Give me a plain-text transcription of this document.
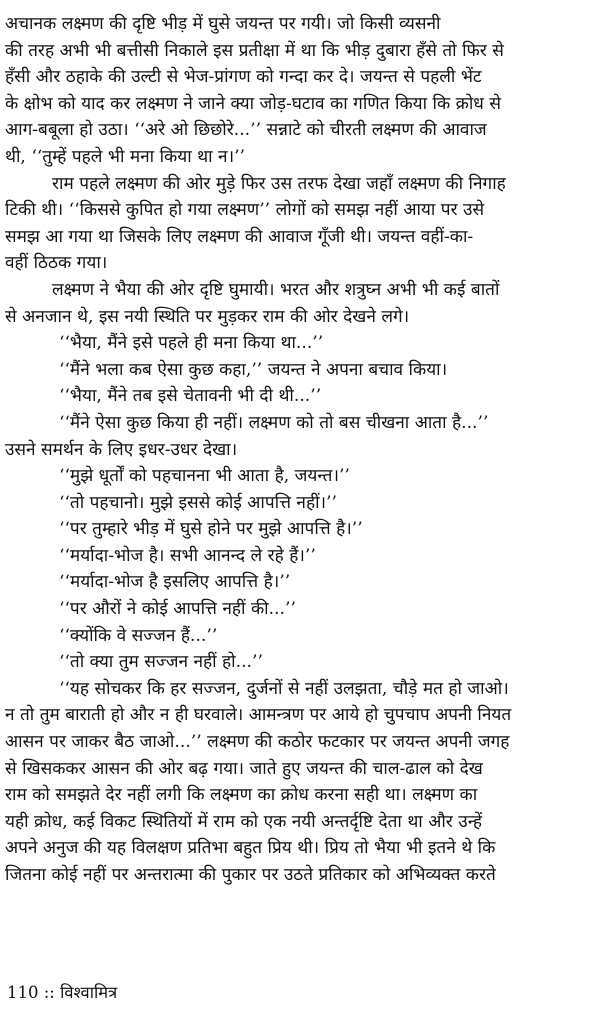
अचानक लक्ष्मण की दृष्टि भीड़ में घुसे जयन्त पर गयी। जो किसी व्यसनी
की तरह अभी भी बत्तीसी निकाले इस प्रतीक्षा में था कि भीड़ दुबारा हँसे तो फिर से
हँसी और ठहाके की उल्टी से भेज-प्रांगण को गन्दा कर दे। जयन्त से पहली भेंट
के क्षोभ को याद कर लक्ष्मण ने जाने क्या जोड़-घटाव का गणित किया कि क्रोध से
आग-बबूला हो उठा। ‘‘अरे ओ छिछोरे...’’ सन्नाटे को चीरती लक्ष्मण की आवाज
थी, ‘‘तुम्हें पहले भी मना किया था न।’’
राम पहले लक्ष्मण की ओर मुड़े फिर उस तरफ देखा जहाँ लक्ष्मण की निगाह
टिकी थी। ‘‘किससे कुपित हो गया लक्ष्मण’’ लोगों को समझ नहीं आया पर उसे
समझ आ गया था जिसके लिए लक्ष्मण की आवाज गूँजी थी। जयन्त वहीं-का-
वहीं ठिठक गया।
लक्ष्मण ने भैया की ओर दृष्टि घुमायी। भरत और शत्रुघ्न अभी भी कई बातों
से अनजान थे, इस नयी स्थिति पर मुड़कर राम की ओर देखने लगे।
‘‘भैया, मैंने इसे पहले ही मना किया था...’’
‘‘मैंने भला कब ऐसा कुछ कहा,’’ जयन्त ने अपना बचाव किया।
‘‘भैया, मैंने तब इसे चेतावनी भी दी थी...’’
‘‘मैंने ऐसा कुछ किया ही नहीं। लक्ष्मण को तो बस चीखना आता है...’’
उसने समर्थन के लिए इधर-उधर देखा।
‘‘मुझे धूर्तों को पहचानना भी आता है, जयन्त।’’
‘‘तो पहचानो। मुझे इससे कोई आपत्ति नहीं।’’
‘‘पर तुम्हारे भीड़ में घुसे होने पर मुझे आपत्ति है।’’
‘‘मर्यादा-भोज है। सभी आनन्द ले रहे हैं।’’
‘‘मर्यादा-भोज है इसलिए आपत्ति है।’’
‘‘पर औरों ने कोई आपत्ति नहीं की...’’
‘‘क्योंकि वे सज्जन हैं...’’
‘‘तो क्या तुम सज्जन नहीं हो...’’
‘‘यह सोचकर कि हर सज्जन, दुर्जनों से नहीं उलझता, चौड़े मत हो जाओ।
न तो तुम बाराती हो और न ही घरवाले। आमन्त्रण पर आये हो चुपचाप अपनी नियत
आसन पर जाकर बैठ जाओ...’’ लक्ष्मण की कठोर फटकार पर जयन्त अपनी जगह
से खिसककर आसन की ओर बढ़ गया। जाते हुए जयन्त की चाल-ढाल को देख
राम को समझते देर नहीं लगी कि लक्ष्मण का क्रोध करना सही था। लक्ष्मण का
यही क्रोध, कई विकट स्थितियों में राम को एक नयी अन्तर्दृष्टि देता था और उन्हें
अपने अनुज की यह विलक्षण प्रतिभा बहुत प्रिय थी। प्रिय तो भैया भी इतने थे कि
जितना कोई नहीं पर अन्तरात्मा की पुकार पर उठते प्रतिकार को अभिव्यक्त करते
110 :: विश्वामित्र
